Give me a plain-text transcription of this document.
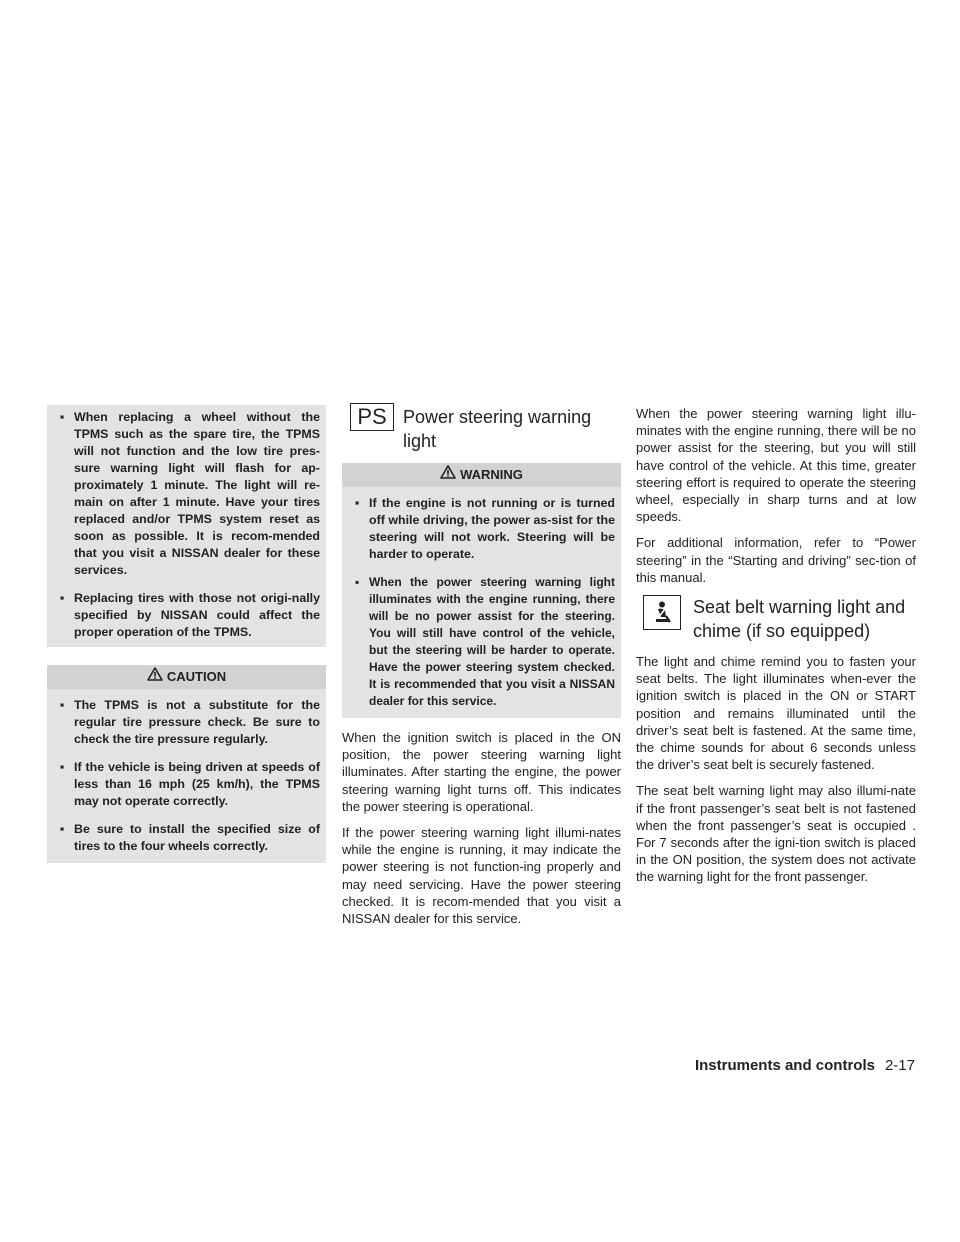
▪ When replacing a wheel without the TPMS such as the spare tire, the TPMS will not function and the low tire pres-sure warning light will flash for ap-proximately 1 minute. The light will re-main on after 1 minute. Have your tires replaced and/or TPMS system reset as soon as possible. It is recom-mended that you visit a NISSAN dealer for these services.

▪ Replacing tires with those not origi-nally specified by NISSAN could affect the proper operation of the TPMS.

CAUTION

▪ The TPMS is not a substitute for the regular tire pressure check. Be sure to check the tire pressure regularly.

▪ If the vehicle is being driven at speeds of less than 16 mph (25 km/h), the TPMS may not operate correctly.

▪ Be sure to install the specified size of tires to the four wheels correctly.

PS Power steering warning light
WARNING

▪ If the engine is not running or is turned off while driving, the power as-sist for the steering will not work. Steering will be harder to operate.

▪ When the power steering warning light illuminates with the engine running, there will be no power assist for the steering. You will still have control of the vehicle, but the steering will be harder to operate. Have the power steering system checked. It is recommended that you visit a NISSAN dealer for this service.

When the ignition switch is placed in the ON position, the power steering warning light illuminates. After starting the engine, the power steering warning light turns off. This indicates the power steering is operational.

If the power steering warning light illumi-nates while the engine is running, it may indicate the power steering is not function-ing properly and may need servicing. Have the power steering checked. It is recom-mended that you visit a NISSAN dealer for this service.

When the power steering warning light illu-minates with the engine running, there will be no power assist for the steering, but you will still have control of the vehicle. At this time, greater steering effort is required to operate the steering wheel, especially in sharp turns and at low speeds.

For additional information, refer to “Power steering” in the “Starting and driving” sec-tion of this manual.

Seat belt warning light and chime (if so equipped)

The light and chime remind you to fasten your seat belts. The light illuminates when-ever the ignition switch is placed in the ON or START position and remains illuminated until the driver’s seat belt is fastened. At the same time, the chime sounds for about 6 seconds unless the driver’s seat belt is securely fastened.

The seat belt warning light may also illumi-nate if the front passenger’s seat belt is not fastened when the front passenger’s seat is occupied . For 7 seconds after the igni-tion switch is placed in the ON position, the system does not activate the warning light for the front passenger.

Instruments and controls 2-17
